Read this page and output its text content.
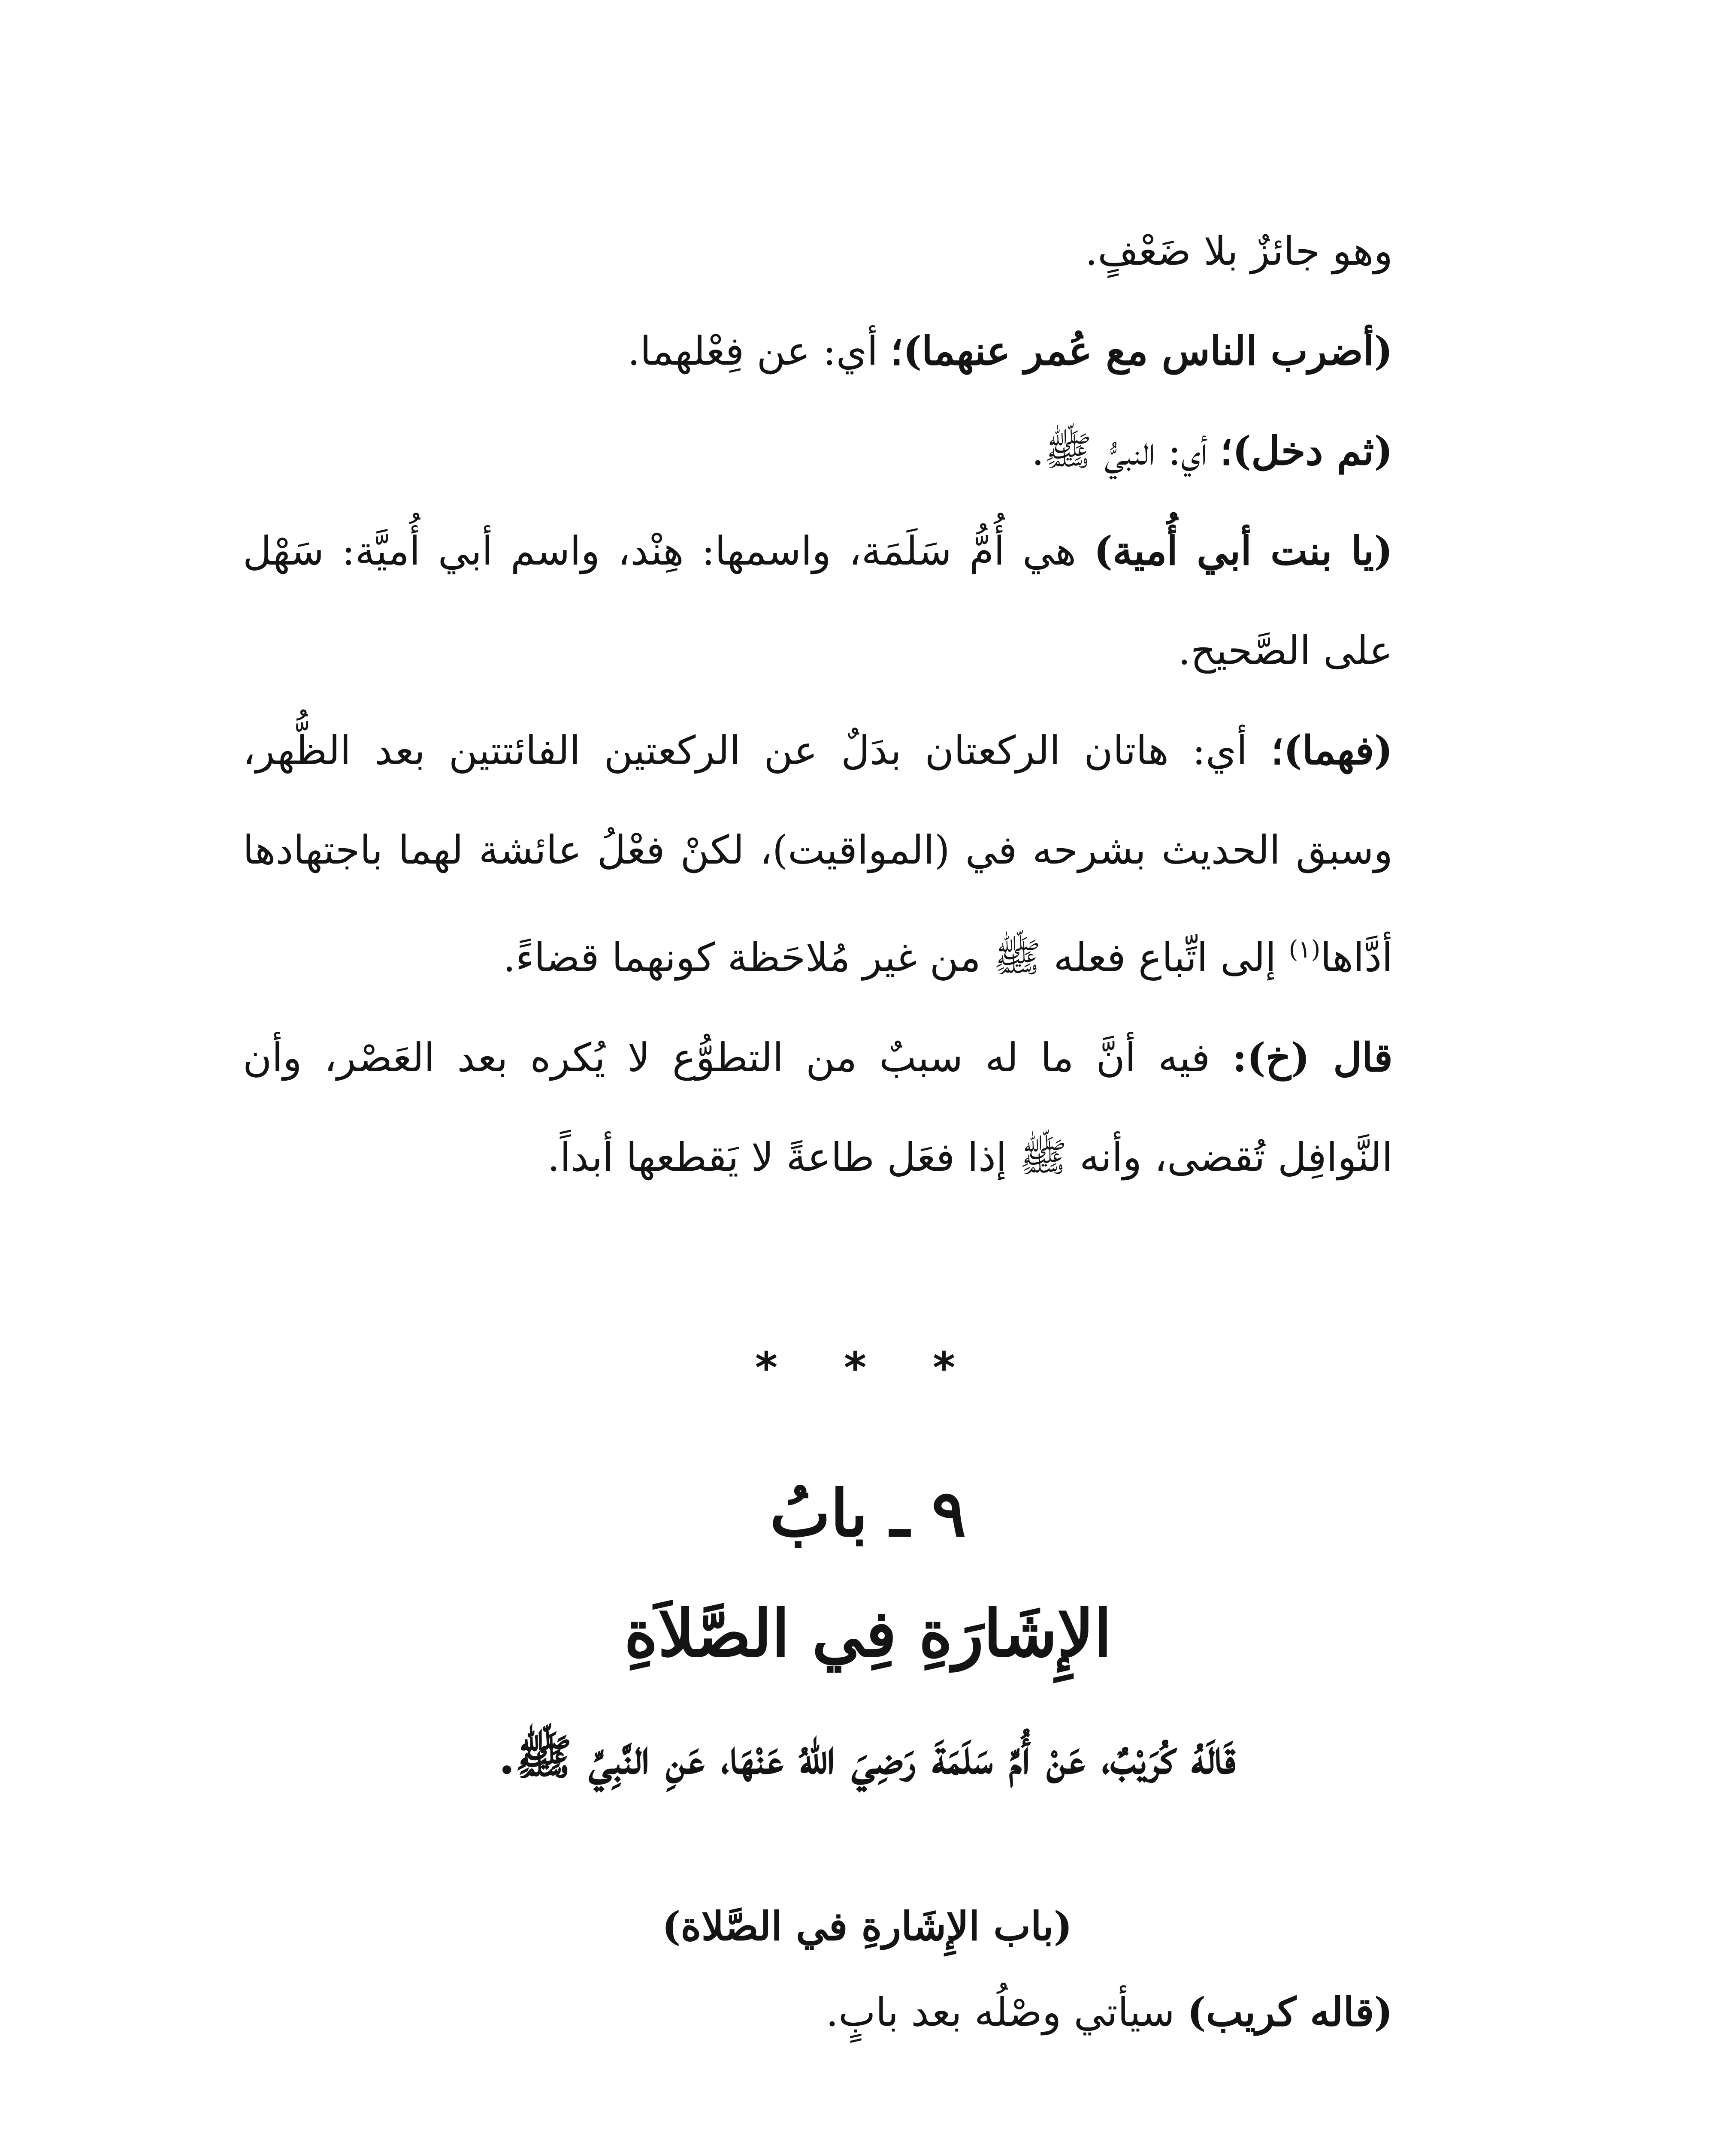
وهو جائزٌ بلا ضَعْفٍ.

(أضرب الناس مع عُمر عنهما)؛ أي: عن فِعْلهما.

(ثم دخل)؛ أي: النبيُّ ﷺ.

(يا بنت أبي أُمية) هي أُمُّ سَلَمَة، واسمها: هِنْد، واسم أبي أُميَّة: سَهْل على الصَّحيح.

(فهما)؛ أي: هاتان الركعتان بدَلٌ عن الركعتين الفائتتين بعد الظُّهر، وسبق الحديث بشرحه في (المواقيت)، لكنْ فعْلُ عائشة لهما باجتهادها أدَّاها$^{(١)}$ إلى اتِّباع فعله ﷺ من غير مُلاحَظة كونهما قضاءً.

قال (خ): فيه أنَّ ما له سببٌ من التطوُّع لا يُكره بعد العَصْر، وأن النَّوافِل تُقضى، وأنه ﷺ إذا فعَل طاعةً لا يَقطعها أبداً.

* * *
٩ ـ بابُ
الإِشَارَةِ فِي الصَّلاَةِ
قَالَهُ كُرَيْبٌ، عَنْ أُمِّ سَلَمَةَ رَضِيَ اللهُ عَنْهَا، عَنِ النَّبِيِّ ﷺ.

(باب الإِشَارةِ في الصَّلاة)

(قاله كريب) سيأتي وصْلُه بعد بابٍ.
